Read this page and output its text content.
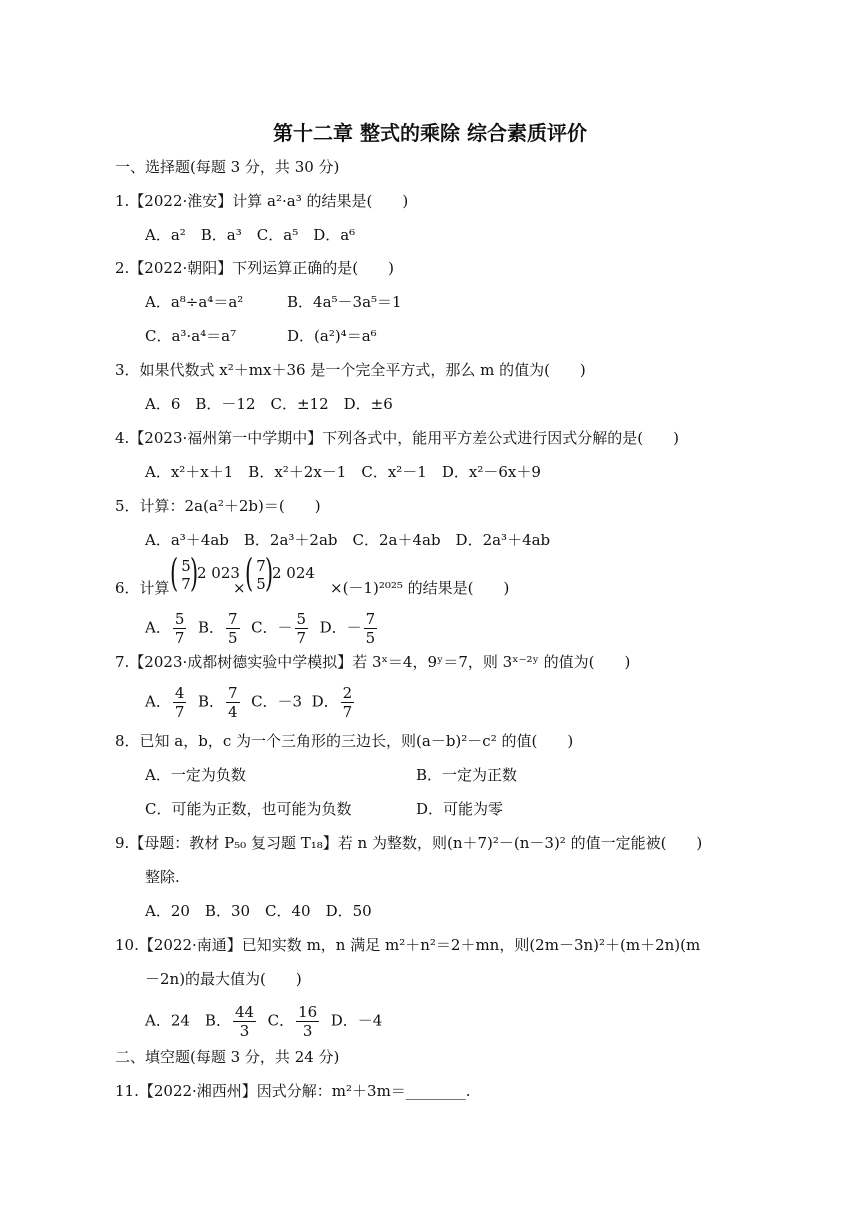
第十二章 整式的乘除 综合素质评价
一、选择题(每题 3 分，共 30 分)
1.【2022·淮安】计算 a²·a³ 的结果是(　　)
A．a²　B．a³　C．a⁵　D．a⁶
2.【2022·朝阳】下列运算正确的是(　　)
A．a⁸÷a⁴＝a²	B．4a⁵－3a⁵＝1
C．a³·a⁴＝a⁷	D．(a²)⁴＝a⁶
3．如果代数式 x²＋mx＋36 是一个完全平方式，那么 m 的值为(　　)
A．6　B．－12　C．±12　D．±6
4.【2023·福州第一中学期中】下列各式中，能用平方差公式进行因式分解的是(　　)
A．x²＋x＋1　B．x²＋2x－1　C．x²－1　D．x²－6x＋9
5．计算：2a(a²＋2b)＝(　　)
A．a³＋4ab　B．2a³＋2ab　C．2a＋4ab　D．2a³＋4ab
6．计算 ( 5
7 )
2 023
× ( 7
5 )
2 024
×(－1)²⁰²⁵ 的结果是(　　)
A． $\frac{5}{7}$ B． $\frac{7}{5}$ C．－ $\frac{5}{7}$ D．－ $\frac{7}{5}$
7.【2023·成都树德实验中学模拟】若 3ˣ＝4，9ʸ＝7，则 3ˣ⁻²ʸ 的值为(　　)
A． $\frac{4}{7}$ B． $\frac{7}{4}$ C．－3 D． $\frac{2}{7}$
8．已知 a，b，c 为一个三角形的三边长，则(a－b)²－c² 的值(　　)
A．一定为负数	B．一定为正数
C．可能为正数，也可能为负数	D．可能为零
9.【母题：教材 P₅₀ 复习题 T₁₈】若 n 为整数，则(n＋7)²－(n－3)² 的值一定能被(　　)
整除.
A．20　B．30　C．40　D．50
10.【2022·南通】已知实数 m，n 满足 m²＋n²＝2＋mn，则(2m－3n)²＋(m＋2n)(m
－2n)的最大值为(　　)
A．24　B． $\frac{44}{3}$ C． $\frac{16}{3}$ D．－4
二、填空题(每题 3 分，共 24 分)
11.【2022·湘西州】因式分解：m²＋3m＝________.
